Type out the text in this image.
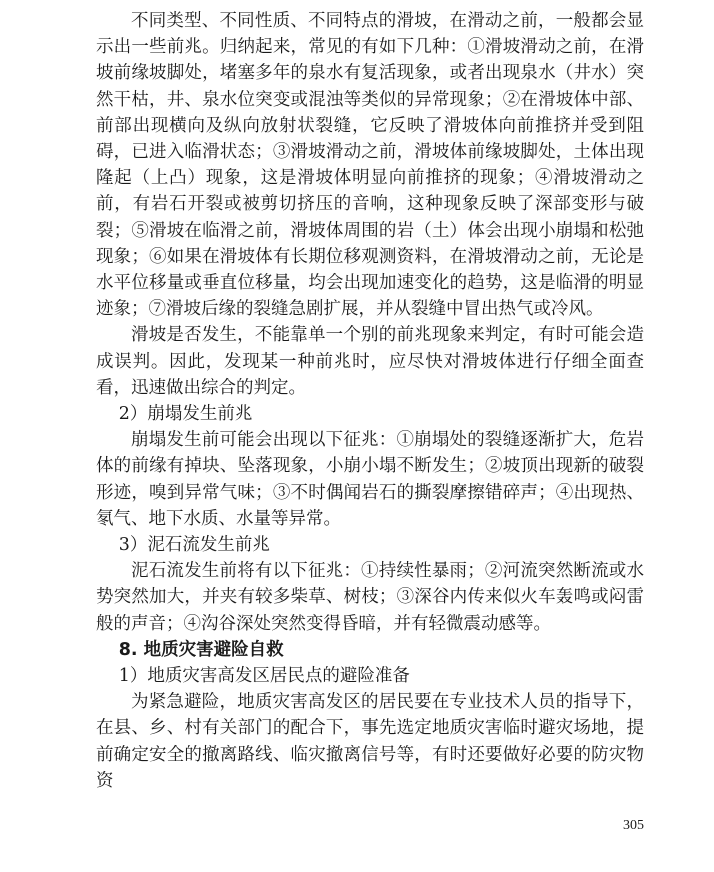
不同类型、不同性质、不同特点的滑坡，在滑动之前，一般都会显示出一些前兆。归纳起来，常见的有如下几种：①滑坡滑动之前，在滑坡前缘坡脚处，堵塞多年的泉水有复活现象，或者出现泉水（井水）突然干枯，井、泉水位突变或混浊等类似的异常现象；②在滑坡体中部、前部出现横向及纵向放射状裂缝，它反映了滑坡体向前推挤并受到阻碍，已进入临滑状态；③滑坡滑动之前，滑坡体前缘坡脚处，土体出现隆起（上凸）现象，这是滑坡体明显向前推挤的现象；④滑坡滑动之前，有岩石开裂或被剪切挤压的音响，这种现象反映了深部变形与破裂；⑤滑坡在临滑之前，滑坡体周围的岩（土）体会出现小崩塌和松弛现象；⑥如果在滑坡体有长期位移观测资料，在滑坡滑动之前，无论是水平位移量或垂直位移量，均会出现加速变化的趋势，这是临滑的明显迹象；⑦滑坡后缘的裂缝急剧扩展，并从裂缝中冒出热气或冷风。

滑坡是否发生，不能靠单一个别的前兆现象来判定，有时可能会造成误判。因此，发现某一种前兆时，应尽快对滑坡体进行仔细全面查看，迅速做出综合的判定。

2）崩塌发生前兆

崩塌发生前可能会出现以下征兆：①崩塌处的裂缝逐渐扩大，危岩体的前缘有掉块、坠落现象，小崩小塌不断发生；②坡顶出现新的破裂形迹，嗅到异常气味；③不时偶闻岩石的撕裂摩擦错碎声；④出现热、氡气、地下水质、水量等异常。

3）泥石流发生前兆

泥石流发生前将有以下征兆：①持续性暴雨；②河流突然断流或水势突然加大，并夹有较多柴草、树枝；③深谷内传来似火车轰鸣或闷雷般的声音；④沟谷深处突然变得昏暗，并有轻微震动感等。

8. 地质灾害避险自救

1）地质灾害高发区居民点的避险准备

为紧急避险，地质灾害高发区的居民要在专业技术人员的指导下，在县、乡、村有关部门的配合下，事先选定地质灾害临时避灾场地，提前确定安全的撤离路线、临灾撤离信号等，有时还要做好必要的防灾物资

305
